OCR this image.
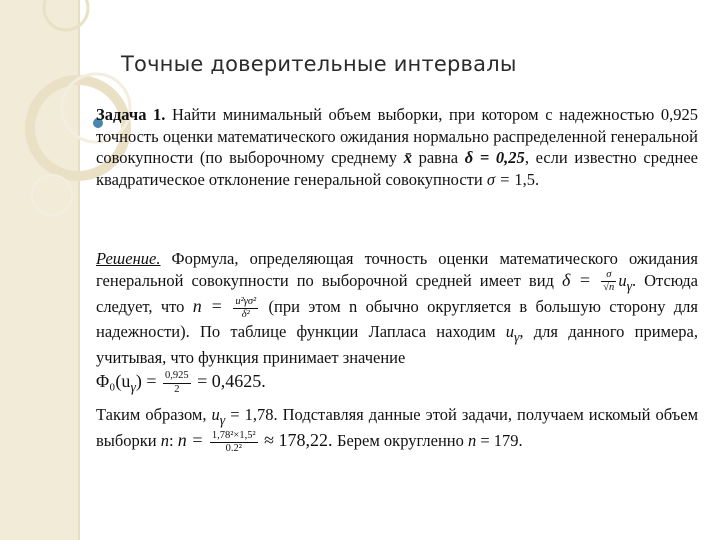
Точные доверительные интервалы

Задача 1. Найти минимальный объем выборки, при котором с надежностью 0,925 точность оценки математического ожидания нормально распределенной генеральной совокупности (по выборочному среднему x̄ равна δ = 0,25, если известно среднее квадратическое отклонение генеральной совокупности σ = 1,5.

Решение. Формула, определяющая точность оценки математического ожидания генеральной совокупности по выборочной средней имеет вид $\delta = \frac{\sigma}{√n} u_\gamma$. Отсюда следует, что $n = \frac{\text{u²γσ²}}{\text{δ²}} (при$ этом n обычно округляется в большую сторону для надежности). По таблице функции Лапласа находим $u_\gamma$, для данного примера, учитывая, что функция принимает значение

$\Phi_0(u_\gamma) = \frac{0,925}{2} = 0,4625$.

Таким образом, $u_\gamma = 1,78$. Подставляя данные этой задачи, получаем искомый объем выборки n: $n = \frac{\text{1,78²×1,5²}}{\text{0.2²}} \approx 178,22$. Берем округленно n = 179.
